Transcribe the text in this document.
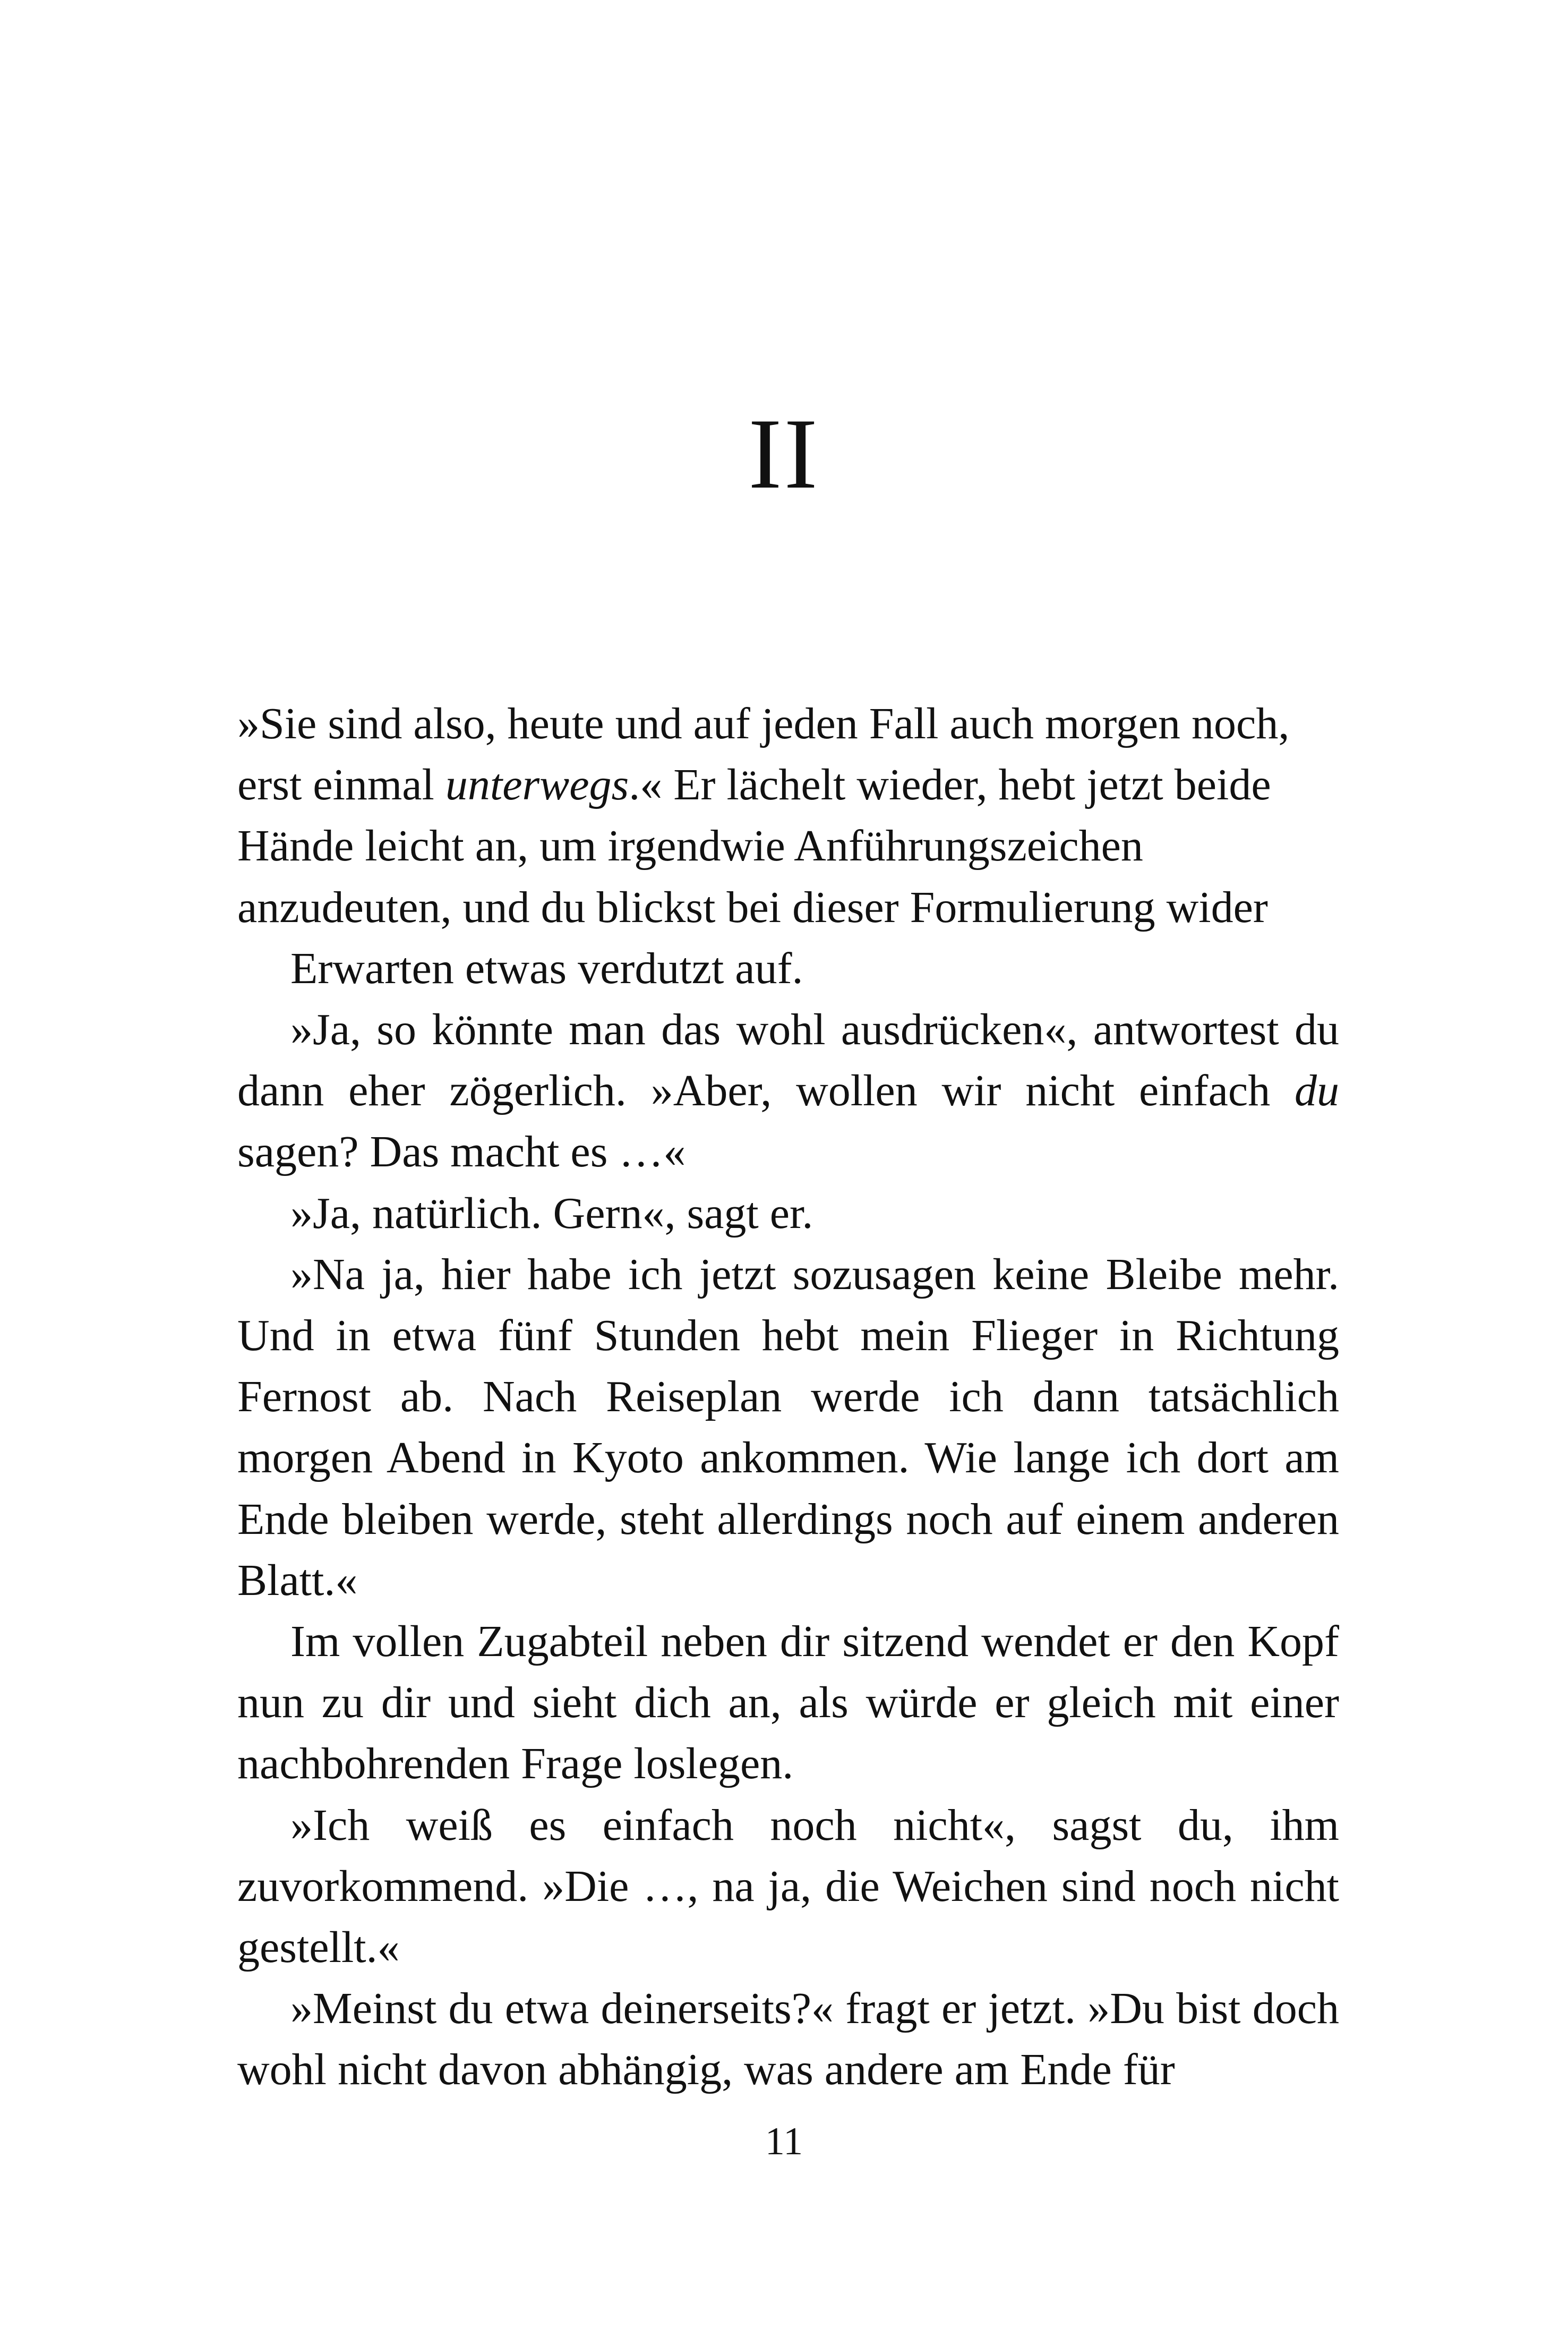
II

»Sie sind also, heute und auf jeden Fall auch morgen noch, erst einmal unterwegs.« Er lächelt wieder, hebt jetzt beide Hände leicht an, um irgendwie Anführungszeichen anzudeuten, und du blickst bei dieser Formulierung wider
Erwarten etwas verdutzt auf.

»Ja, so könnte man das wohl ausdrücken«, antwortest du dann eher zögerlich. »Aber, wollen wir nicht einfach du sagen? Das macht es …«

»Ja, natürlich. Gern«, sagt er.

»Na ja, hier habe ich jetzt sozusagen keine Bleibe mehr. Und in etwa fünf Stunden hebt mein Flieger in Richtung Fernost ab. Nach Reiseplan werde ich dann tatsächlich morgen Abend in Kyoto ankommen. Wie lange ich dort am Ende bleiben werde, steht allerdings noch auf einem anderen Blatt.«

Im vollen Zugabteil neben dir sitzend wendet er den Kopf nun zu dir und sieht dich an, als würde er gleich mit einer nachbohrenden Frage loslegen.

»Ich weiß es einfach noch nicht«, sagst du, ihm zuvorkommend. »Die …, na ja, die Weichen sind noch nicht gestellt.«

»Meinst du etwa deinerseits?« fragt er jetzt. »Du bist doch wohl nicht davon abhängig, was andere am Ende für

11
